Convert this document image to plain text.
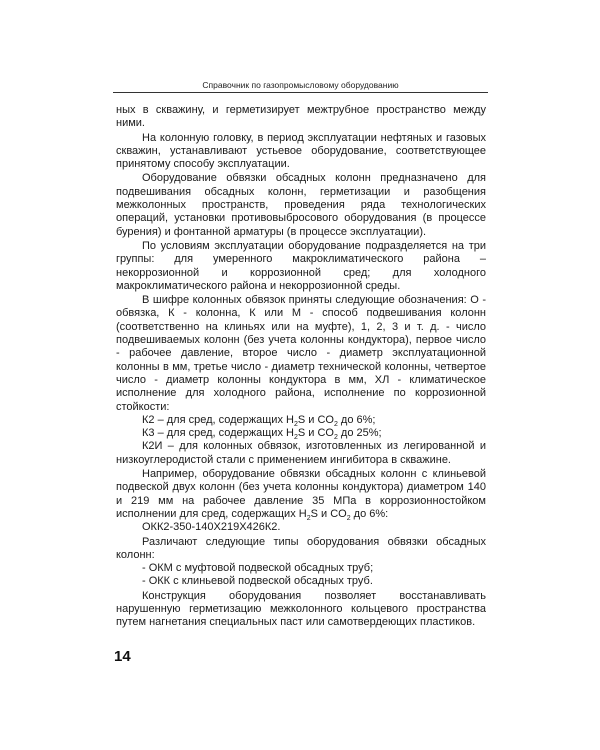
Справочник по газопромысловому оборудованию

ных в скважину, и герметизирует межтрубное пространство между ними.

На колонную головку, в период эксплуатации нефтяных и газовых скважин, устанавливают устьевое оборудование, соответствующее принятому способу эксплуатации.

Оборудование обвязки обсадных колонн предназначено для подвешивания обсадных колонн, герметизации и разобщения межколонных пространств, проведения ряда технологических операций, установки противовыбросового оборудования (в процессе бурения) и фонтанной арматуры (в процессе эксплуатации).

По условиям эксплуатации оборудование подразделяется на три группы: для умеренного макроклиматического района – некоррозионной и коррозионной сред; для холодного макроклиматического района и некоррозионной среды.

В шифре колонных обвязок приняты следующие обозначения: О - обвязка, К - колонна, К или М - способ подвешивания колонн (соответственно на клиньях или на муфте), 1, 2, 3 и т. д. - число подвешиваемых колонн (без учета колонны кондуктора), первое число - рабочее давление, второе число - диаметр эксплуатационной колонны в мм, третье число - диаметр технической колонны, четвертое число - диаметр колонны кондуктора в мм, ХЛ - климатическое исполнение для холодного района, исполнение по коррозионной стойкости:

К2 – для сред, содержащих $H_2S$ и $CO_2$ до 6%;

К3 – для сред, содержащих $H_2S$ и $CO_2$ до 25%;

К2И – для колонных обвязок, изготовленных из легированной и низкоуглеродистой стали с применением ингибитора в скважине.

Например, оборудование обвязки обсадных колонн с клиньевой подвеской двух колонн (без учета колонны кондуктора) диаметром 140 и 219 мм на рабочее давление 35 МПа в коррозионностойком исполнении для сред, содержащих $H_2S$ и $CO_2$ до 6%:

ОКК2-350-140Х219Х426К2.

Различают следующие типы оборудования обвязки обсадных колонн:

- ОКМ с муфтовой подвеской обсадных труб;

- ОКК с клиньевой подвеской обсадных труб.

Конструкция оборудования позволяет восстанавливать нарушенную герметизацию межколонного кольцевого пространства путем нагнетания специальных паст или самотвердеющих пластиков.

14
